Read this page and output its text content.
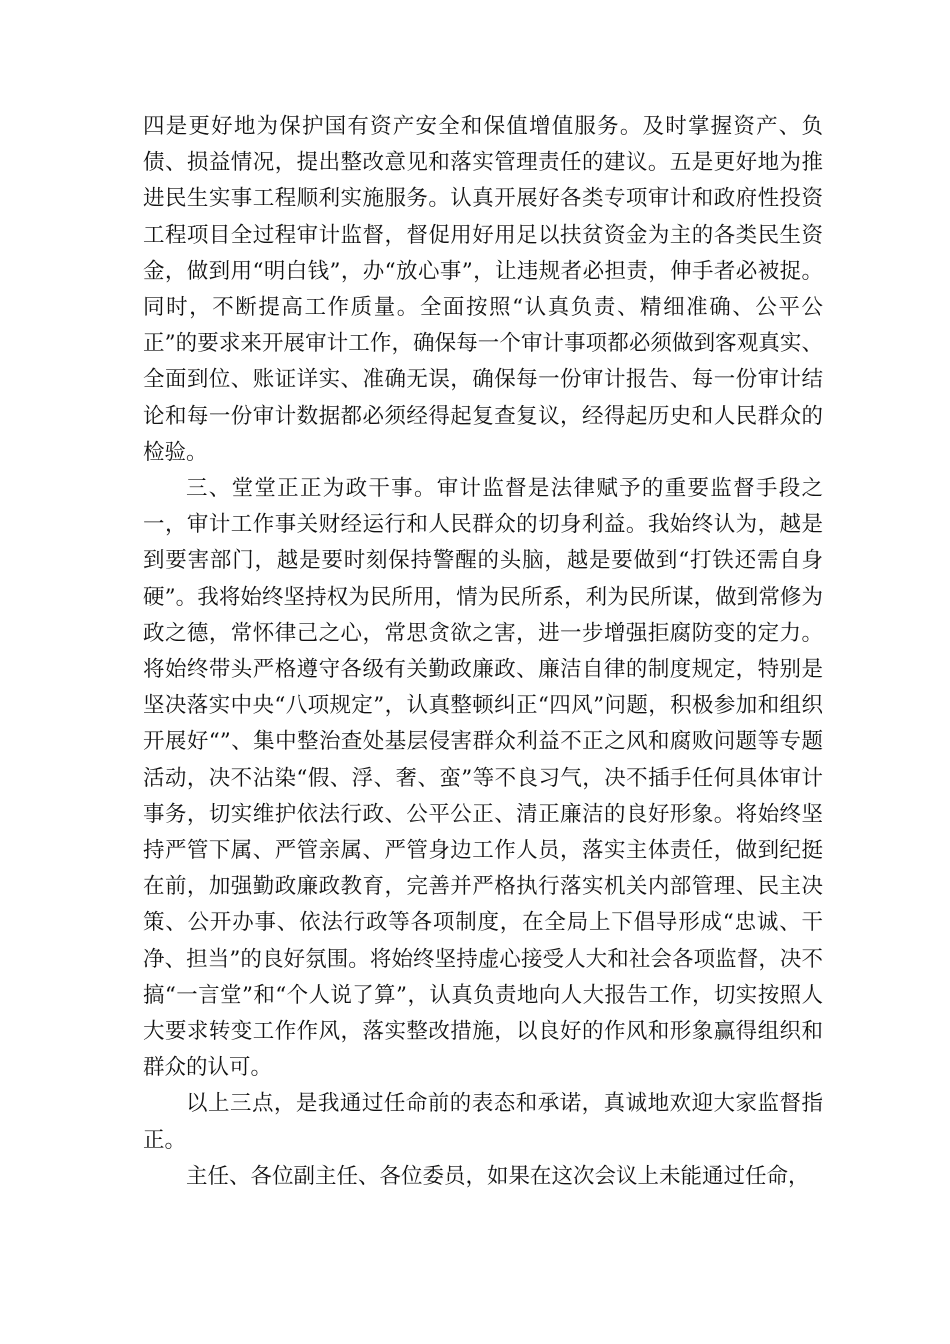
四是更好地为保护国有资产安全和保值增值服务。及时掌握资产、负债、损益情况，提出整改意见和落实管理责任的建议。五是更好地为推进民生实事工程顺利实施服务。认真开展好各类专项审计和政府性投资工程项目全过程审计监督，督促用好用足以扶贫资金为主的各类民生资金，做到用“明白钱”，办“放心事”，让违规者必担责，伸手者必被捉。同时，不断提高工作质量。全面按照“认真负责、精细准确、公平公正”的要求来开展审计工作，确保每一个审计事项都必须做到客观真实、全面到位、账证详实、准确无误，确保每一份审计报告、每一份审计结论和每一份审计数据都必须经得起复查复议，经得起历史和人民群众的检验。

三、堂堂正正为政干事。审计监督是法律赋予的重要监督手段之一，审计工作事关财经运行和人民群众的切身利益。我始终认为，越是到要害部门，越是要时刻保持警醒的头脑，越是要做到“打铁还需自身硬”。我将始终坚持权为民所用，情为民所系，利为民所谋，做到常修为政之德，常怀律己之心，常思贪欲之害，进一步增强拒腐防变的定力。将始终带头严格遵守各级有关勤政廉政、廉洁自律的制度规定，特别是坚决落实中央“八项规定”，认真整顿纠正“四风”问题，积极参加和组织开展好“”、集中整治查处基层侵害群众利益不正之风和腐败问题等专题活动，决不沾染“假、浮、奢、蛮”等不良习气，决不插手任何具体审计事务，切实维护依法行政、公平公正、清正廉洁的良好形象。将始终坚持严管下属、严管亲属、严管身边工作人员，落实主体责任，做到纪挺在前，加强勤政廉政教育，完善并严格执行落实机关内部管理、民主决策、公开办事、依法行政等各项制度，在全局上下倡导形成“忠诚、干净、担当”的良好氛围。将始终坚持虚心接受人大和社会各项监督，决不搞“一言堂”和“个人说了算”，认真负责地向人大报告工作，切实按照人大要求转变工作作风，落实整改措施，以良好的作风和形象赢得组织和群众的认可。

以上三点，是我通过任命前的表态和承诺，真诚地欢迎大家监督指正。

主任、各位副主任、各位委员，如果在这次会议上未能通过任命，
